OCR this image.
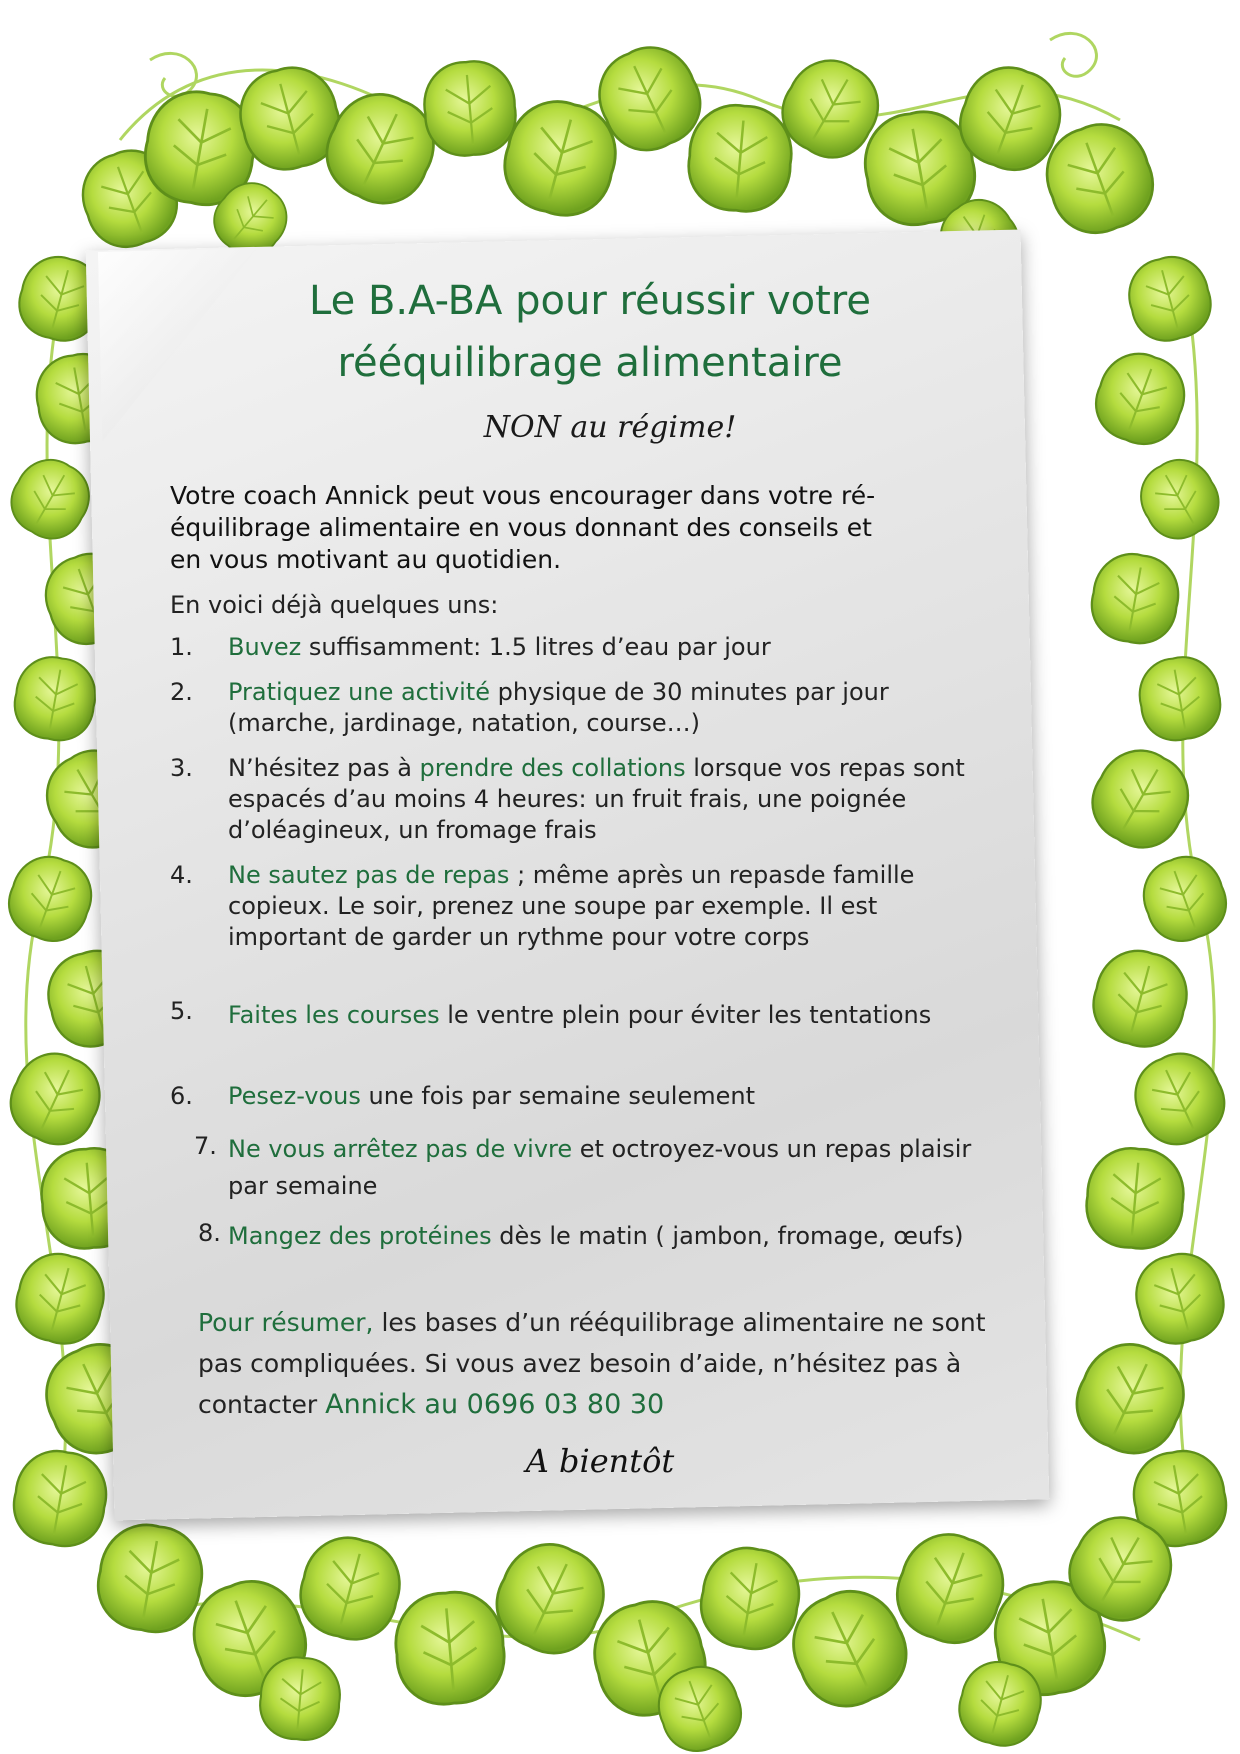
Le B.A-BA pour réussir votre
rééquilibrage alimentaire
NON au régime!
Votre coach Annick peut vous encourager dans votre ré-
équilibrage alimentaire en vous donnant des conseils et
en vous motivant au quotidien.
En voici déjà quelques uns:
1. Buvez suffisamment: 1.5 litres d’eau par jour
2. Pratiquez une activité physique de 30 minutes par jour (marche, jardinage, natation, course…)
3. N’hésitez pas à prendre des collations lorsque vos repas sont espacés d’au moins 4 heures: un fruit frais, une poignée d’oléagineux, un fromage frais
4. Ne sautez pas de repas ; même après un repasde famille copieux. Le soir, prenez une soupe par exemple. Il est important de garder un rythme pour votre corps
5. Faites les courses le ventre plein pour éviter les tentations
6. Pesez-vous une fois par semaine seulement
7. Ne vous arrêtez pas de vivre et octroyez-vous un repas plaisir par semaine
8. Mangez des protéines dès le matin ( jambon, fromage, œufs)
Pour résumer, les bases d’un rééquilibrage alimentaire ne sont pas compliquées. Si vous avez besoin d’aide, n’hésitez pas à contacter Annick au 0696 03 80 30
A bientôt
